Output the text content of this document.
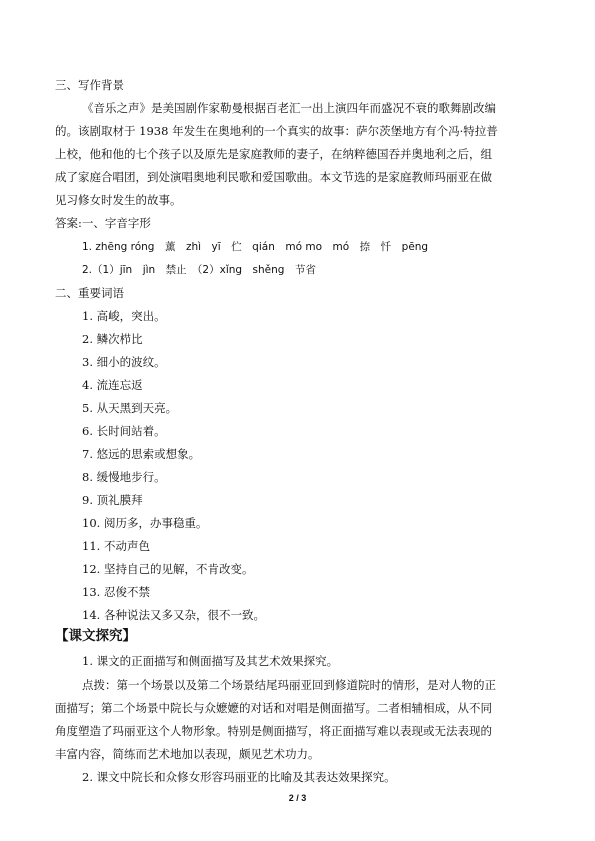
三、写作背景
《音乐之声》是美国剧作家勒曼根据百老汇一出上演四年而盛况不衰的歌舞剧改编
的。该剧取材于 1938 年发生在奥地利的一个真实的故事：萨尔茨堡地方有个冯·特拉普
上校，他和他的七个孩子以及原先是家庭教师的妻子，在纳粹德国吞并奥地利之后，组
成了家庭合唱团，到处演唱奥地利民歌和爱国歌曲。本文节选的是家庭教师玛丽亚在做
见习修女时发生的故事。
答案:一、字音字形
1. zhēng róng　薰　zhì　yī　伫　qián　mó mo　mó　捺　忏　pēng
2.（1）jīn　jìn　禁止　（2）xǐng　shěng　节省
二、重要词语
1. 高峻，突出。
2. 鳞次栉比
3. 细小的波纹。
4. 流连忘返
5. 从天黑到天亮。
6. 长时间站着。
7. 悠远的思索或想象。
8. 缓慢地步行。
9. 顶礼膜拜
10. 阅历多，办事稳重。
11. 不动声色
12. 坚持自己的见解，不肯改变。
13. 忍俊不禁
14. 各种说法又多又杂，很不一致。
【课文探究】
1. 课文的正面描写和侧面描写及其艺术效果探究。
点拨：第一个场景以及第二个场景结尾玛丽亚回到修道院时的情形，是对人物的正
面描写；第二个场景中院长与众嬷嬷的对话和对唱是侧面描写。二者相辅相成，从不同
角度塑造了玛丽亚这个人物形象。特别是侧面描写，将正面描写难以表现或无法表现的
丰富内容，简练而艺术地加以表现，颇见艺术功力。
2. 课文中院长和众修女形容玛丽亚的比喻及其表达效果探究。
2 / 3
